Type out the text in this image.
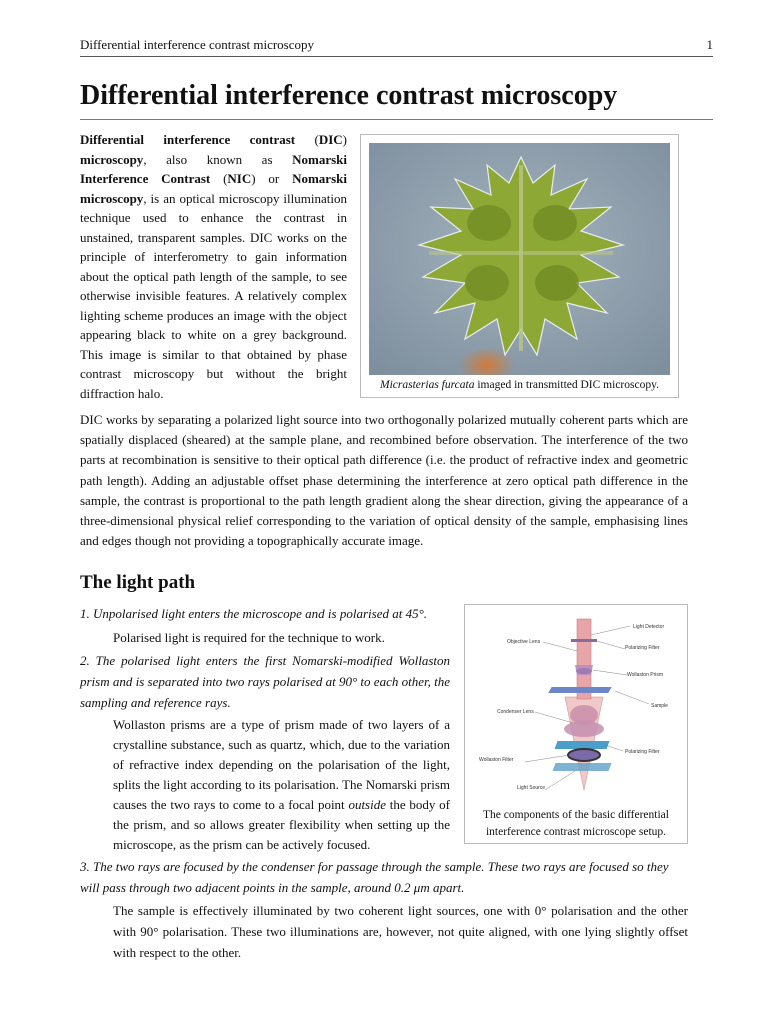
Differential interference contrast microscopy	1
Differential interference contrast microscopy

Differential interference contrast (DIC) microscopy, also known as Nomarski Interference Contrast (NIC) or Nomarski microscopy, is an optical microscopy illumination technique used to enhance the contrast in unstained, transparent samples. DIC works on the principle of interferometry to gain information about the optical path length of the sample, to see otherwise invisible features. A relatively complex lighting scheme produces an image with the object appearing black to white on a grey background. This image is similar to that obtained by phase contrast microscopy but without the bright diffraction halo.

Micrasterias furcata imaged in transmitted DIC microscopy.

DIC works by separating a polarized light source into two orthogonally polarized mutually coherent parts which are spatially displaced (sheared) at the sample plane, and recombined before observation. The interference of the two parts at recombination is sensitive to their optical path difference (i.e. the product of refractive index and geometric path length). Adding an adjustable offset phase determining the interference at zero optical path difference in the sample, the contrast is proportional to the path length gradient along the shear direction, giving the appearance of a three-dimensional physical relief corresponding to the variation of optical density of the sample, emphasising lines and edges though not providing a topographically accurate image.

The light path

1. Unpolarised light enters the microscope and is polarised at 45°.

Polarised light is required for the technique to work.

2. The polarised light enters the first Nomarski-modified Wollaston prism and is separated into two rays polarised at 90° to each other, the sampling and reference rays.

Wollaston prisms are a type of prism made of two layers of a crystalline substance, such as quartz, which, due to the variation of refractive index depending on the polarisation of the light, splits the light according to its polarisation. The Nomarski prism causes the two rays to come to a focal point outside the body of the prism, and so allows greater flexibility when setting up the microscope, as the prism can be actively focused.

Light Detector
Objective Lens
Polarizing Filter
Wollaston Prism
Sample
Condenser Lens
Polarizing Filter
Wollaston Filter
Light Source
The components of the basic differential interference contrast microscope setup.

3. The two rays are focused by the condenser for passage through the sample. These two rays are focused so they will pass through two adjacent points in the sample, around 0.2 μm apart.

The sample is effectively illuminated by two coherent light sources, one with 0° polarisation and the other with 90° polarisation. These two illuminations are, however, not quite aligned, with one lying slightly offset with respect to the other.
